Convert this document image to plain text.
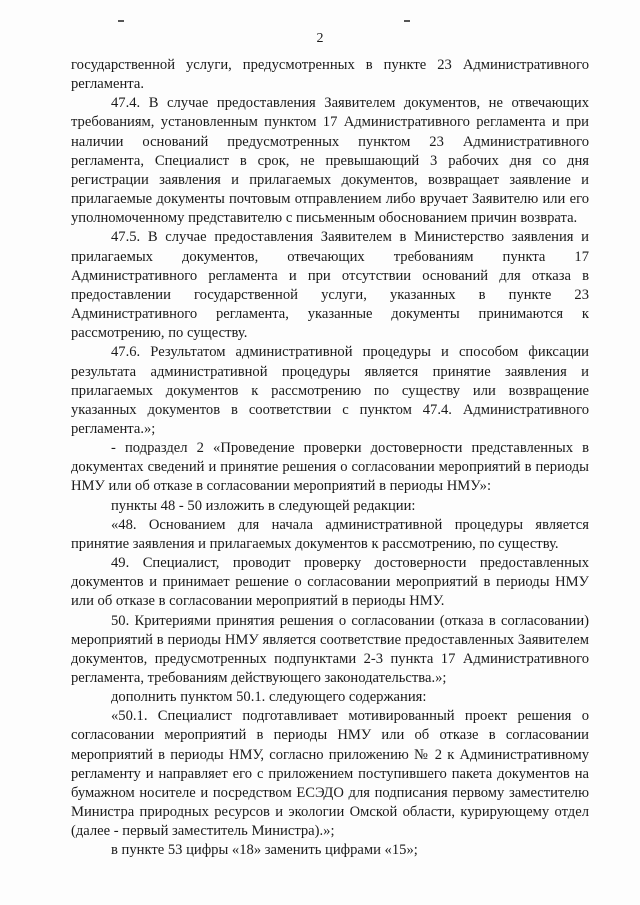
2

государственной услуги, предусмотренных в пункте 23 Административного регламента.

47.4. В случае предоставления Заявителем документов, не отвечающих требованиям, установленным пунктом 17 Административного регламента и при наличии оснований предусмотренных пунктом 23 Административного регламента, Специалист в срок, не превышающий 3 рабочих дня со дня регистрации заявления и прилагаемых документов, возвращает заявление и прилагаемые документы почтовым отправлением либо вручает Заявителю или его уполномоченному представителю с письменным обоснованием причин возврата.

47.5. В случае предоставления Заявителем в Министерство заявления и прилагаемых документов, отвечающих требованиям пункта 17 Административного регламента и при отсутствии оснований для отказа в предоставлении государственной услуги, указанных в пункте 23 Административного регламента, указанные документы принимаются к рассмотрению, по существу.

47.6. Результатом административной процедуры и способом фиксации результата административной процедуры является принятие заявления и прилагаемых документов к рассмотрению по существу или возвращение указанных документов в соответствии с пунктом 47.4. Административного регламента.»;

- подраздел 2 «Проведение проверки достоверности представленных в документах сведений и принятие решения о согласовании мероприятий в периоды НМУ или об отказе в согласовании мероприятий в периоды НМУ»:

пункты 48 - 50 изложить в следующей редакции:

«48. Основанием для начала административной процедуры является принятие заявления и прилагаемых документов к рассмотрению, по существу.

49. Специалист, проводит проверку достоверности предоставленных документов и принимает решение о согласовании мероприятий в периоды НМУ или об отказе в согласовании мероприятий в периоды НМУ.

50. Критериями принятия решения о согласовании (отказа в согласовании) мероприятий в периоды НМУ является соответствие предоставленных Заявителем документов, предусмотренных подпунктами 2-3 пункта 17 Административного регламента, требованиям действующего законодательства.»;

дополнить пунктом 50.1. следующего содержания:

«50.1. Специалист подготавливает мотивированный проект решения о согласовании мероприятий в периоды НМУ или об отказе в согласовании мероприятий в периоды НМУ, согласно приложению № 2 к Административному регламенту и направляет его с приложением поступившего пакета документов на бумажном носителе и посредством ЕСЭДО для подписания первому заместителю Министра природных ресурсов и экологии Омской области, курирующему отдел (далее - первый заместитель Министра).»;

в пункте 53 цифры «18» заменить цифрами «15»;
